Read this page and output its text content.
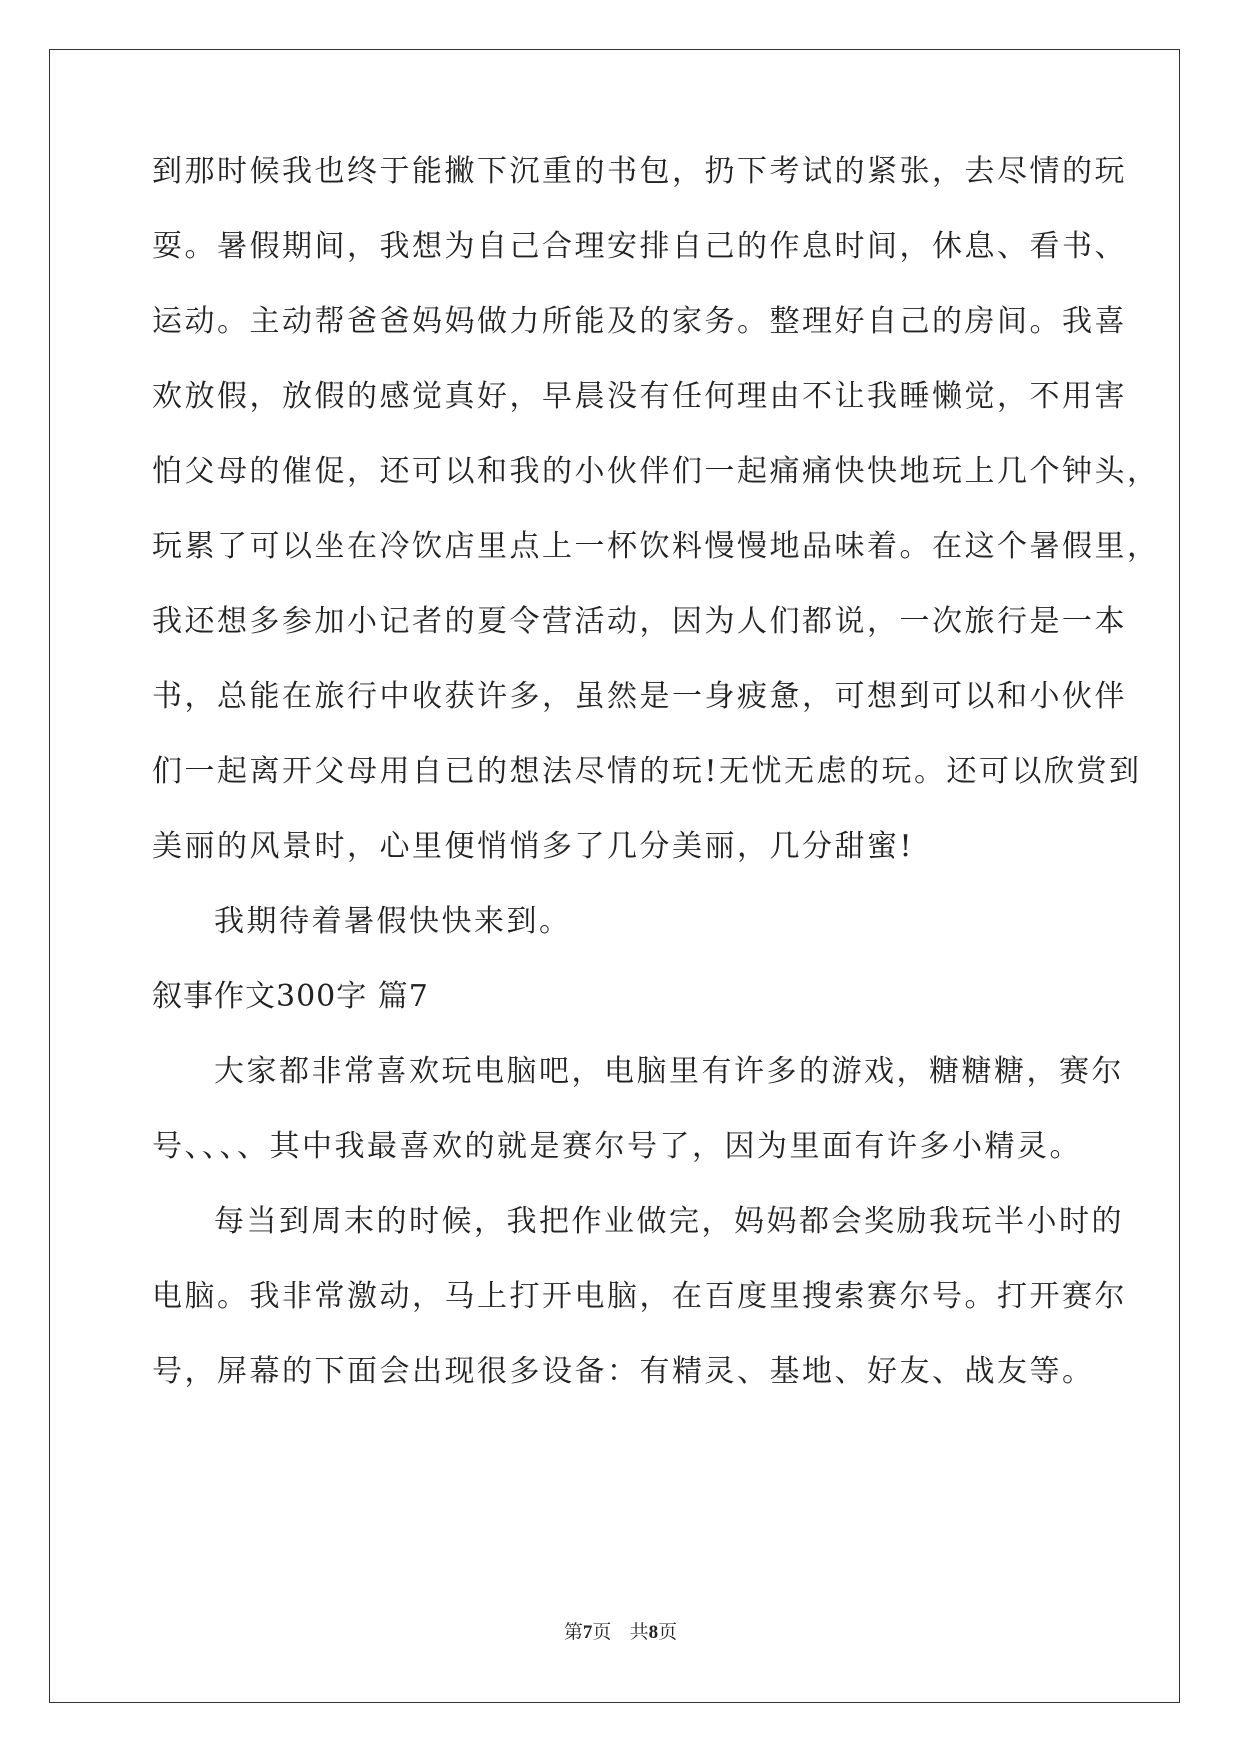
到那时候我也终于能撇下沉重的书包，扔下考试的紧张，去尽情的玩
耍。暑假期间，我想为自己合理安排自己的作息时间，休息、看书、
运动。主动帮爸爸妈妈做力所能及的家务。整理好自己的房间。我喜
欢放假，放假的感觉真好，早晨没有任何理由不让我睡懒觉，不用害
怕父母的催促，还可以和我的小伙伴们一起痛痛快快地玩上几个钟头，
玩累了可以坐在冷饮店里点上一杯饮料慢慢地品味着。在这个暑假里，
我还想多参加小记者的夏令营活动，因为人们都说，一次旅行是一本
书，总能在旅行中收获许多，虽然是一身疲惫，可想到可以和小伙伴
们一起离开父母用自已的想法尽情的玩!无忧无虑的玩。还可以欣赏到
美丽的风景时，心里便悄悄多了几分美丽，几分甜蜜!
我期待着暑假快快来到。
叙事作文300字 篇7
大家都非常喜欢玩电脑吧，电脑里有许多的游戏，糖糖糖，赛尔
号、、、、其中我最喜欢的就是赛尔号了，因为里面有许多小精灵。
每当到周末的时候，我把作业做完，妈妈都会奖励我玩半小时的
电脑。我非常激动，马上打开电脑，在百度里搜索赛尔号。打开赛尔
号，屏幕的下面会出现很多设备：有精灵、基地、好友、战友等。
第7页 共8页
